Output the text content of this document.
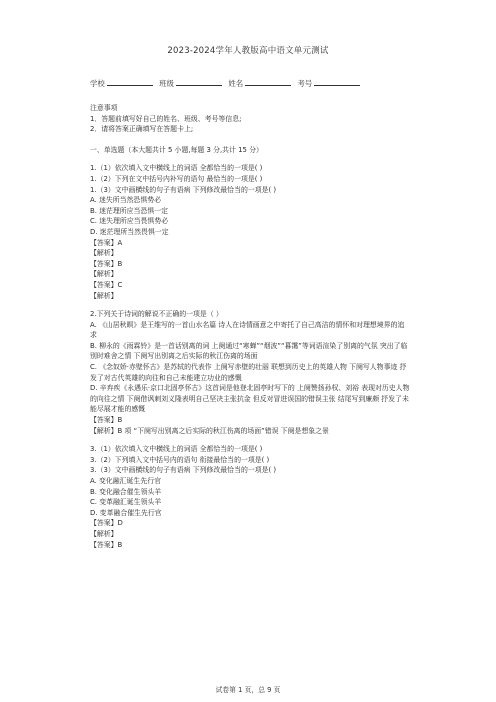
2023-2024学年人教版高中语文单元测试
学校	班级	姓名	考号
注意事项
1．答题前填写好自己的姓名、班级、考号等信息;
2．请将答案正确填写在答题卡上;
一、单选题（本大题共计 5 小题,每题 3 分,共计 15 分）
1.（1）依次填入文中横线上的词语 全都恰当的一项是( )
1.（2）下列在文中括号内补写的语句 最恰当的一项是( )
1.（3）文中画横线的句子有语病 下列修改最恰当的一项是( )
A. 迷失所当然恐惧势必
B. 迷茫理所应当恐惧一定
C. 迷失理所应当畏惧势必
D. 迷茫理所当然畏惧一定
【答案】A
【解析】
【答案】B
【解析】
【答案】C
【解析】
2.下列关于诗词的解说不正确的一项是（ ）
A. 《山居秋暝》是王维写的一首山水名篇 诗人在诗情画意之中寄托了自己高洁的情怀和对理想境界的追求
B. 柳永的《雨霖铃》是一首话别离的词 上阕通过“寒蝉”“烟波”“暮霭”等词语渲染了别离的气氛 突出了临别时难舍之情 下阕写出别离之后实际的秋江伤离的场面
C. 《念奴娇·赤壁怀古》是苏轼的代表作 上阕写赤壁的壮丽 联想到历史上的英雄人物 下阕写人物事迹 抒发了对古代英雄的向往和自己未能建立功业的感慨
D. 辛弃疾《永遇乐·京口北固亭怀古》这首词是他登北固亭时写下的 上阕赞扬孙权、刘裕 表现对历史人物的向往之情 下阕借讽刺刘义隆表明自己坚决主张抗金 但反对冒进误国的错误主张 结尾写到廉颇 抒发了未能尽展才能的感慨
【答案】B
【解析】B 项 “下阕写出别离之后实际的秋江伤离的场面”错误 下阕是想象之景
3.（1）依次填入文中横线上的词语 全都恰当的一项是( )
3.（2）下列填入文中括号内的语句 衔接最恰当的一项是( )
3.（3）文中画横线的句子有语病 下列修改最恰当的一项是( )
A. 变化融汇诞生先行官
B. 变化融合催生领头羊
C. 变革融汇诞生领头羊
D. 变革融合催生先行官
【答案】D
【解析】
【答案】B
试卷第 1 页，总 9 页
